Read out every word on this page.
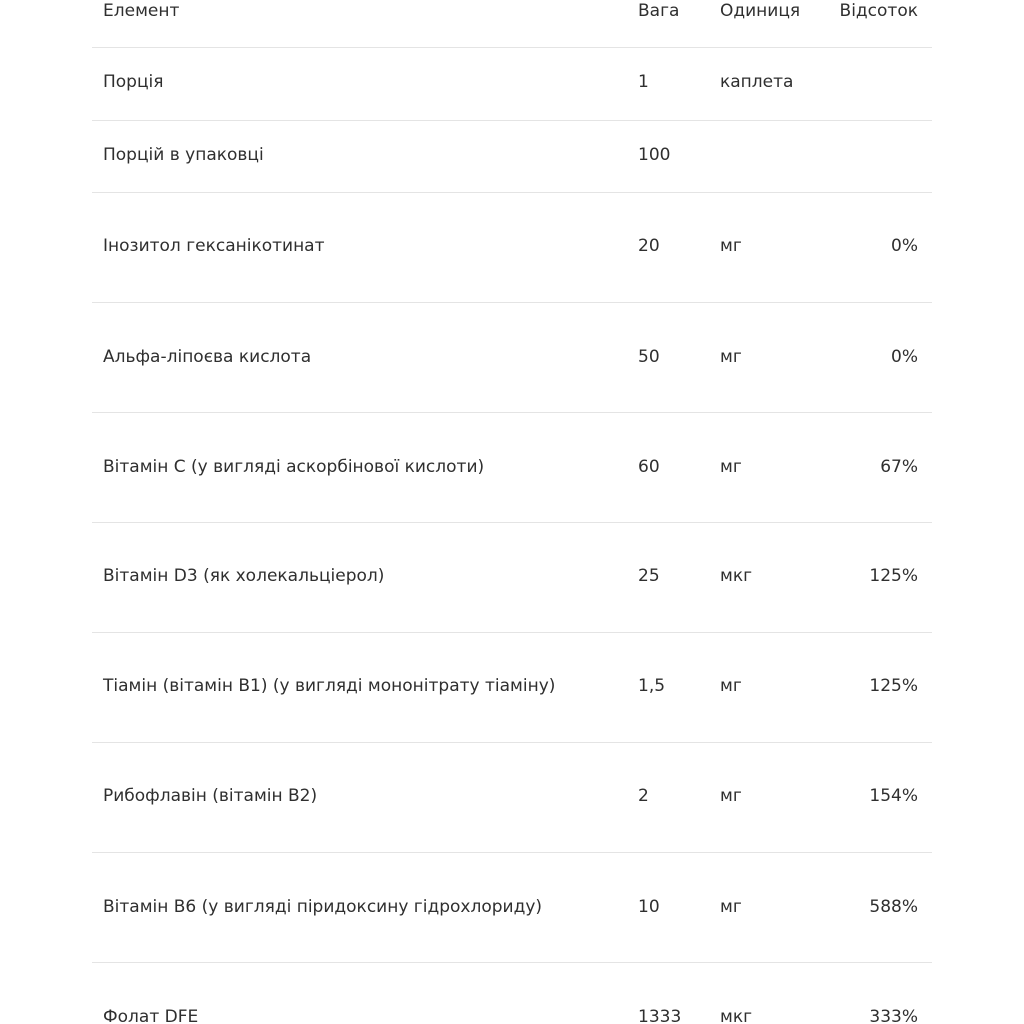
Елемент	Вага Одиниця Відсоток
Порція	1	каплета
Порцій в упаковці	100
Інозитол гексанікотинат	20	мг	0%
Альфа-ліпоєва кислота	50	мг	0%
Вітамін С (у вигляді аскорбінової кислоти)	60	мг	67%
Вітамін D3 (як холекальціерол)	25	мкг	125%
Тіамін (вітамін В1) (у вигляді мононітрату тіаміну)	1,5	мг	125%
Рибофлавін (вітамін В2)	2	мг	154%
Вітамін В6 (у вигляді піридоксину гідрохлориду)	10	мг	588%
Фолат DFE	1333 мкг	333%
